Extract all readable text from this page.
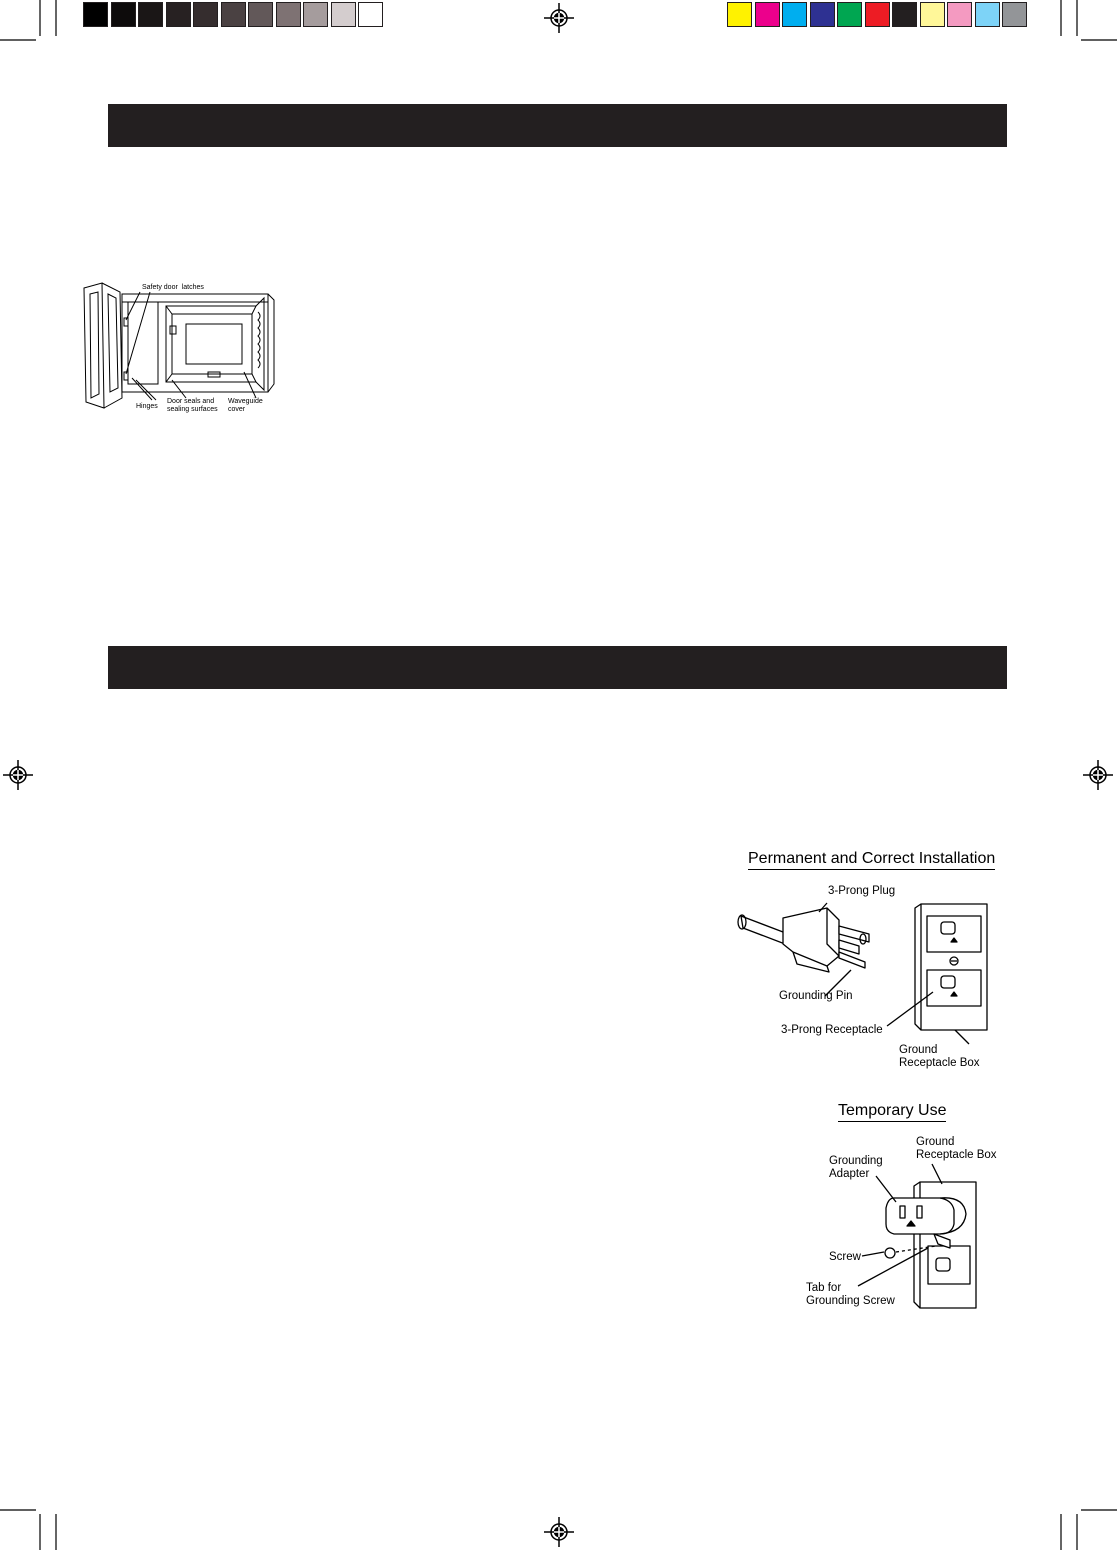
Safety door  latches
Hinges
Door seals and
sealing surfaces
Waveguide
cover
Permanent and Correct Installation
3-Prong Plug
Grounding Pin
3-Prong Receptacle
Ground
Receptacle Box
Temporary Use
Ground
Receptacle Box
Grounding
Adapter
Screw
Tab for
Grounding Screw
